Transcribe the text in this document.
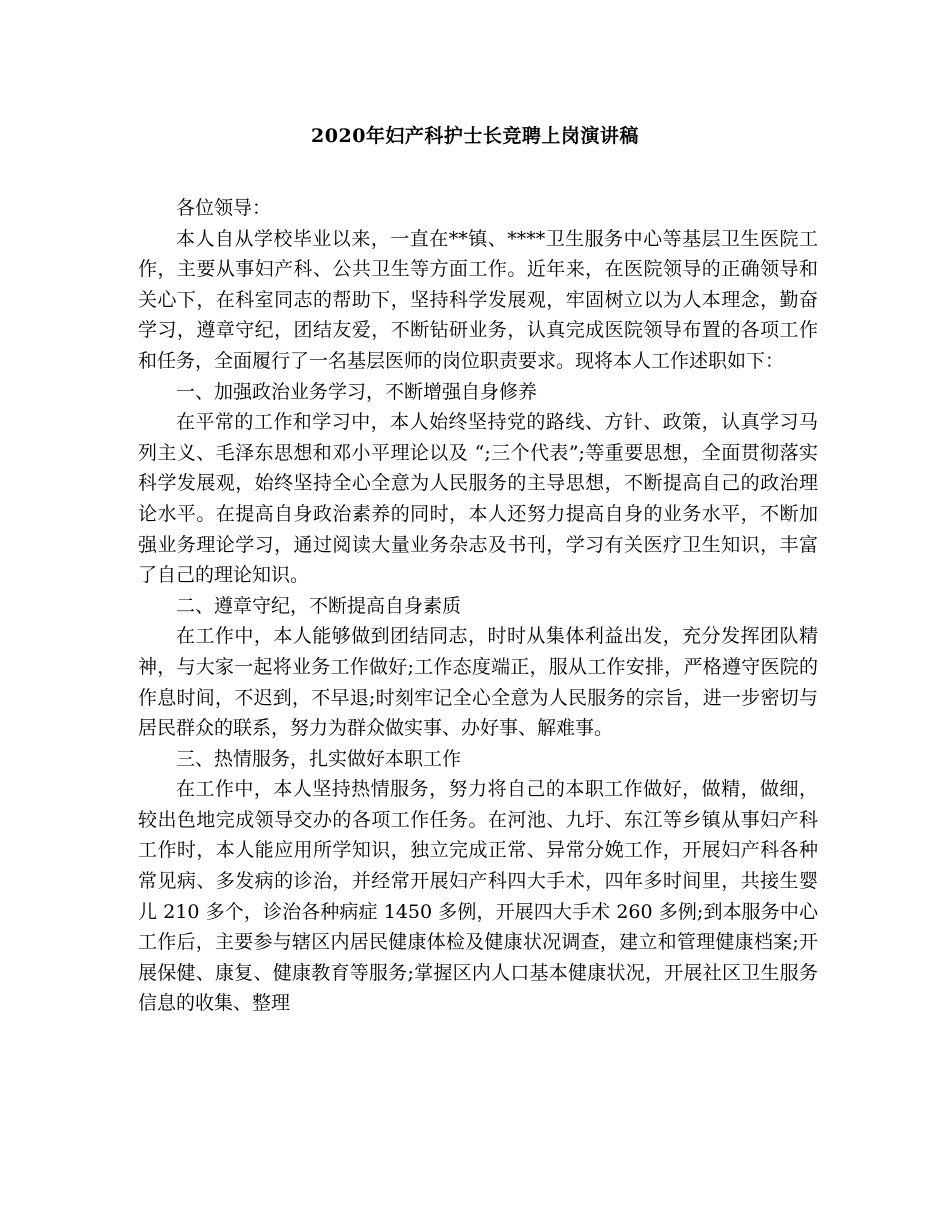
2020年妇产科护士长竞聘上岗演讲稿

各位领导：

本人自从学校毕业以来，一直在**镇、****卫生服务中心等基层卫生医院工作，主要从事妇产科、公共卫生等方面工作。近年来，在医院领导的正确领导和关心下，在科室同志的帮助下，坚持科学发展观，牢固树立以为人本理念，勤奋学习，遵章守纪，团结友爱，不断钻研业务，认真完成医院领导布置的各项工作和任务，全面履行了一名基层医师的岗位职责要求。现将本人工作述职如下：

一、加强政治业务学习，不断增强自身修养

在平常的工作和学习中，本人始终坚持党的路线、方针、政策，认真学习马列主义、毛泽东思想和邓小平理论以及 “;三个代表”;等重要思想，全面贯彻落实科学发展观，始终坚持全心全意为人民服务的主导思想，不断提高自己的政治理论水平。在提高自身政治素养的同时，本人还努力提高自身的业务水平，不断加强业务理论学习，通过阅读大量业务杂志及书刊，学习有关医疗卫生知识，丰富了自己的理论知识。

二、遵章守纪，不断提高自身素质

在工作中，本人能够做到团结同志，时时从集体利益出发，充分发挥团队精神，与大家一起将业务工作做好;工作态度端正，服从工作安排，严格遵守医院的作息时间，不迟到，不早退;时刻牢记全心全意为人民服务的宗旨，进一步密切与居民群众的联系，努力为群众做实事、办好事、解难事。

三、热情服务，扎实做好本职工作

在工作中，本人坚持热情服务，努力将自己的本职工作做好，做精，做细，较出色地完成领导交办的各项工作任务。在河池、九圩、东江等乡镇从事妇产科工作时，本人能应用所学知识，独立完成正常、异常分娩工作，开展妇产科各种常见病、多发病的诊治，并经常开展妇产科四大手术，四年多时间里，共接生婴儿 210 多个，诊治各种病症 1450 多例，开展四大手术 260 多例;到本服务中心工作后，主要参与辖区内居民健康体检及健康状况调查，建立和管理健康档案;开展保健、康复、健康教育等服务;掌握区内人口基本健康状况，开展社区卫生服务信息的收集、整理
